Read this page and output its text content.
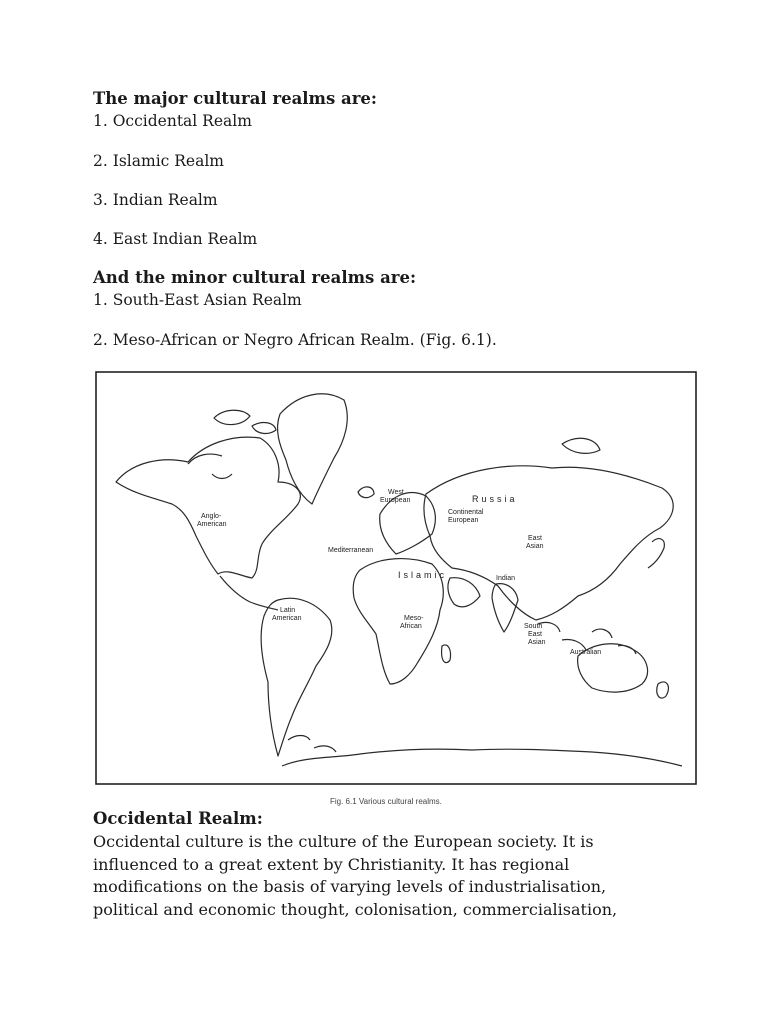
The major cultural realms are:
1. Occidental Realm
2. Islamic Realm
3. Indian Realm
4. East Indian Realm
And the minor cultural realms are:
1. South-East Asian Realm
2. Meso-African or Negro African Realm. (Fig. 6.1).
Anglo-
American
West
European	Russia
Continental
European
Mediterranean
Islamic	Indian
East
Asian
Latin
American	Meso-
African	South
East
Asian
Australian
Fig. 6.1 Various cultural realms.
Occidental Realm:
Occidental culture is the culture of the European society. It is
influenced to a great extent by Christianity. It has regional
modifications on the basis of varying levels of industrialisation,
political and economic thought, colonisation, commercialisation,
